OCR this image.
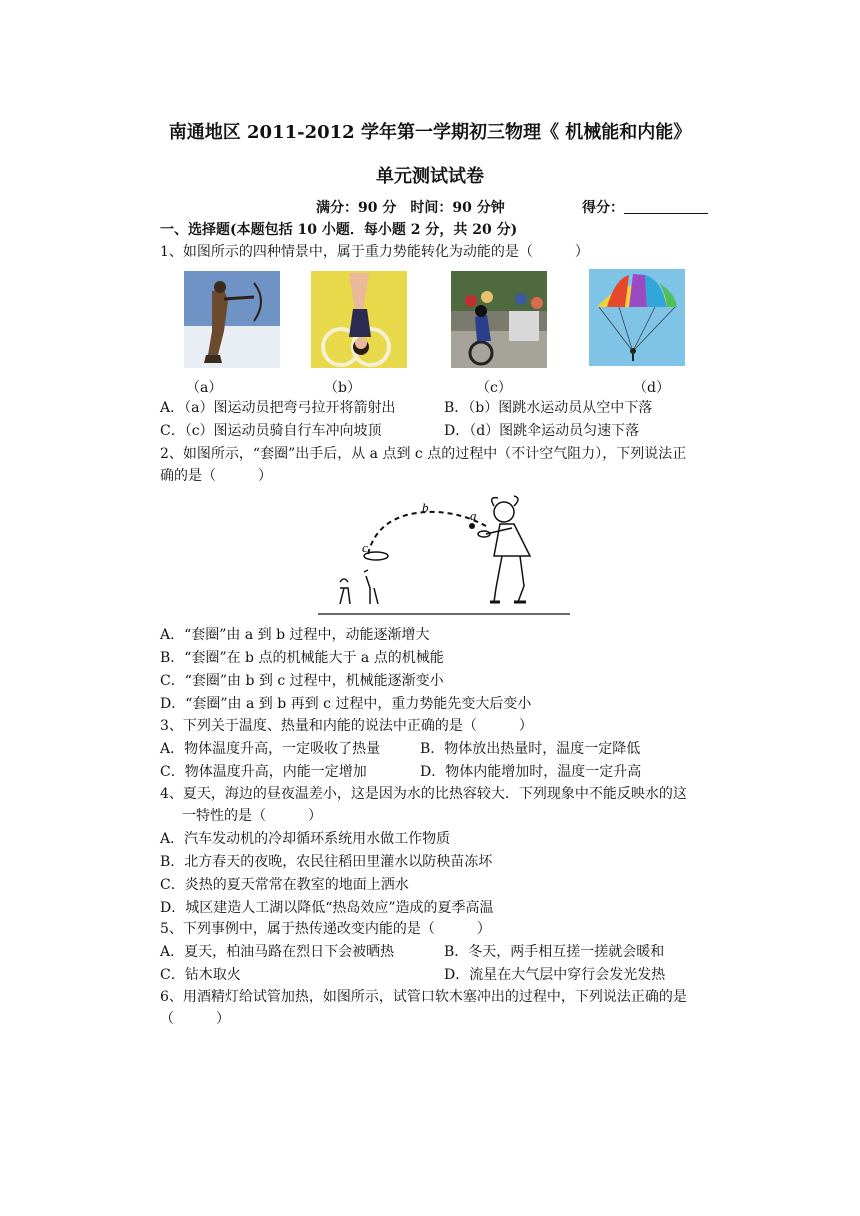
南通地区 2011-2012 学年第一学期初三物理《 机械能和内能》
单元测试试卷
满分：90 分　时间：90 分钟	得分：
一、选择题(本题包括 10 小题．每小题 2 分，共 20 分)
1、如图所示的四种情景中，属于重力势能转化为动能的是（　　　）
（a）	（b）	（c）	（d）
A．（a）图运动员把弯弓拉开将箭射出	B．（b）图跳水运动员从空中下落
C．（c）图运动员骑自行车冲向坡顶	D．（d）图跳伞运动员匀速下落
2、如图所示，“套圈”出手后，从 a 点到 c 点的过程中（不计空气阻力），下列说法正
确的是（　　　）
b
a
c
A．“套圈”由 a 到 b 过程中，动能逐渐增大
B．“套圈”在 b 点的机械能大于 a 点的机械能
C．“套圈”由 b 到 c 过程中，机械能逐渐变小
D．“套圈”由 a 到 b 再到 c 过程中，重力势能先变大后变小
3、下列关于温度、热量和内能的说法中正确的是（　　　）
A．物体温度升高，一定吸收了热量	B．物体放出热量时，温度一定降低
C．物体温度升高，内能一定增加	D．物体内能增加时，温度一定升高
4、夏天，海边的昼夜温差小，这是因为水的比热容较大．下列现象中不能反映水的这
一特性的是（　　　）
A．汽车发动机的冷却循环系统用水做工作物质
B．北方春天的夜晚，农民往稻田里灌水以防秧苗冻坏
C．炎热的夏天常常在教室的地面上洒水
D．城区建造人工湖以降低“热岛效应”造成的夏季高温
5、下列事例中，属于热传递改变内能的是（　　　）
A．夏天，柏油马路在烈日下会被晒热	B．冬天，两手相互搓一搓就会暖和
C．钻木取火	D．流星在大气层中穿行会发光发热
6、用酒精灯给试管加热，如图所示，试管口软木塞冲出的过程中，下列说法正确的是
（　　　）
